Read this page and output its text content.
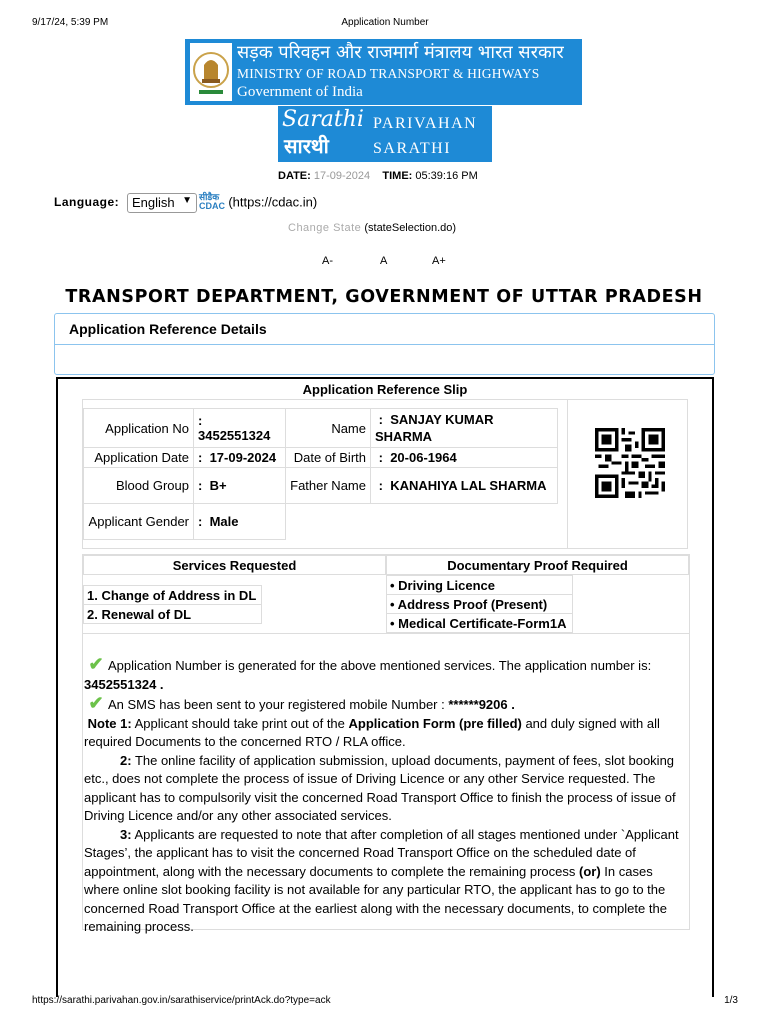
9/17/24, 5:39 PM	Application Number
सड़क परिवहन और राजमार्ग मंत्रालय भारत सरकार
MINISTRY OF ROAD TRANSPORT & HIGHWAYS
Government of India
Sarathi
सारथी
PARIVAHAN
SARATHI
DATE: 17-09-2024 TIME: 05:39:16 PM
Language: English ▼ सीडैक
CDAC (https://cdac.in)
Change State (stateSelection.do)
A-	A	A+
TRANSPORT DEPARTMENT, GOVERNMENT OF UTTAR PRADESH
Application Reference Details
Application Reference Slip
Application No	:  3452551324	Name	: SANJAY KUMAR SHARMA
Application Date	: 17-09-2024	Date of Birth	: 20-06-1964
Blood Group	: B+	Father Name	: KANAHIYA LAL SHARMA
Applicant Gender	: Male		
Services Requested	Documentary Proof Required
1. Change of Address in DL
2. Renewal of DL
• Driving Licence
• Address Proof (Present)
• Medical Certificate-Form1A

✔ Application Number is generated for the above mentioned services. The application number is:
3452551324 .

✔ An SMS has been sent to your registered mobile Number : ******9206 .

Note 1: Applicant should take print out of the Application Form (pre filled) and duly signed with all required Documents to the concerned RTO / RLA office.

2: The online facility of application submission, upload documents, payment of fees, slot booking etc., does not complete the process of issue of Driving Licence or any other Service requested. The applicant has to compulsorily visit the concerned Road Transport Office to finish the process of issue of Driving Licence and/or any other associated services.

3: Applicants are requested to note that after completion of all stages mentioned under `Applicant Stages’, the applicant has to visit the concerned Road Transport Office on the scheduled date of appointment, along with the necessary documents to complete the remaining process (or) In cases where online slot booking facility is not available for any particular RTO, the applicant has to go to the concerned Road Transport Office at the earliest along with the necessary documents, to complete the remaining process.

https://sarathi.parivahan.gov.in/sarathiservice/printAck.do?type=ack	1/3
